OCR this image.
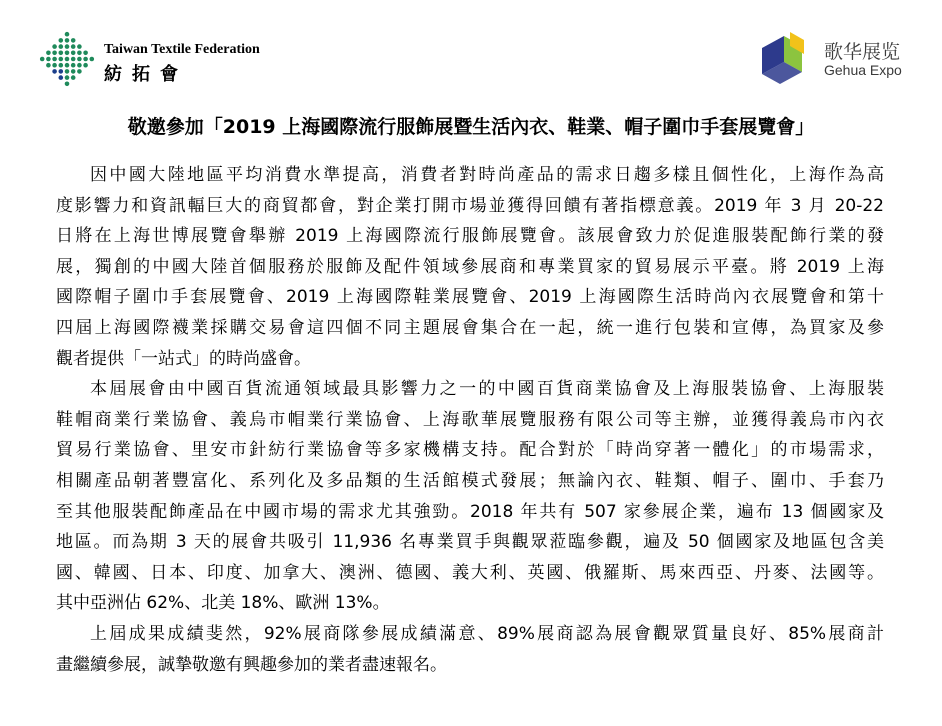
Taiwan Textile Federation
紡拓會
歌华展览
Gehua Expo
敬邀參加「2019 上海國際流行服飾展暨生活內衣、鞋業、帽子圍巾手套展覽會」
因中國大陸地區平均消費水準提高，消費者對時尚產品的需求日趨多樣且個性化，上海作為高
度影響力和資訊輻巨大的商貿都會，對企業打開市場並獲得回饋有著指標意義。2019 年 3 月 20-22
日將在上海世博展覽會舉辦 2019 上海國際流行服飾展覽會。該展會致力於促進服裝配飾行業的發
展，獨創的中國大陸首個服務於服飾及配件領域參展商和專業買家的貿易展示平臺。將 2019 上海
國際帽子圍巾手套展覽會、2019 上海國際鞋業展覽會、2019 上海國際生活時尚內衣展覽會和第十
四屆上海國際襪業採購交易會這四個不同主題展會集合在一起，統一進行包裝和宣傳，為買家及參
觀者提供「一站式」的時尚盛會。
本屆展會由中國百貨流通領域最具影響力之一的中國百貨商業協會及上海服裝協會、上海服裝
鞋帽商業行業協會、義烏市帽業行業協會、上海歌華展覽服務有限公司等主辦，並獲得義烏市內衣
貿易行業協會、里安市針紡行業協會等多家機構支持。配合對於「時尚穿著一體化」的市場需求，
相關產品朝著豐富化、系列化及多品類的生活館模式發展；無論內衣、鞋類、帽子、圍巾、手套乃
至其他服裝配飾產品在中國市場的需求尤其強勁。2018 年共有 507 家參展企業，遍布 13 個國家及
地區。而為期 3 天的展會共吸引 11,936 名專業買手與觀眾蒞臨參觀，遍及 50 個國家及地區包含美
國、韓國、日本、印度、加拿大、澳洲、德國、義大利、英國、俄羅斯、馬來西亞、丹麥、法國等。
其中亞洲佔 62%、北美 18%、歐洲 13%。
上屆成果成績斐然，92%展商隊參展成績滿意、89%展商認為展會觀眾質量良好、85%展商計
畫繼續參展，誠摯敬邀有興趣參加的業者盡速報名。
